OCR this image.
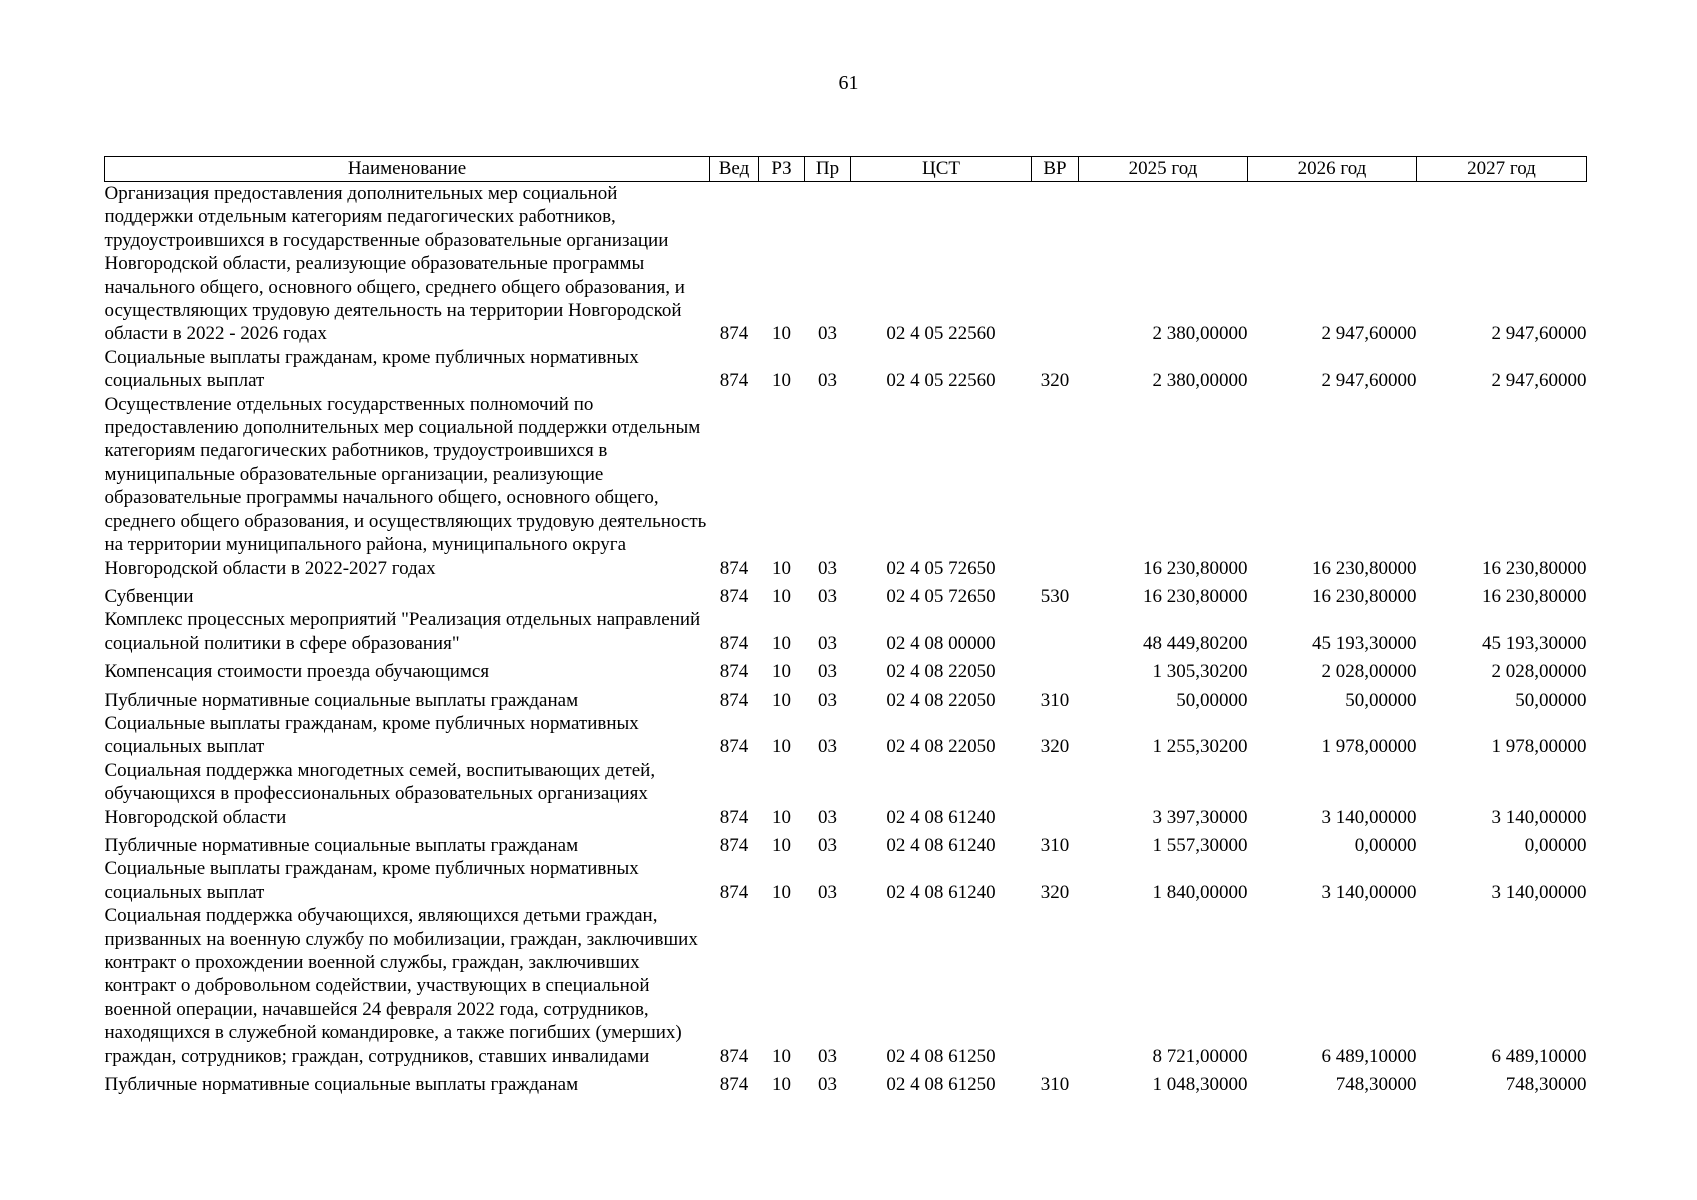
61
Наименование	Вед	РЗ	Пр	ЦСТ	ВР	2025 год	2026 год	2027 год
Организация предоставления дополнительных мер социальной поддержки отдельным категориям педагогических работников, трудоустроившихся в государственные образовательные организации Новгородской области, реализующие образовательные программы начального общего, основного общего, среднего общего образования, и осуществляющих трудовую деятельность на территории Новгородской области в 2022 - 2026 годах	874	10	03	02 4 05 22560		2 380,00000	2 947,60000	2 947,60000
Социальные выплаты гражданам, кроме публичных нормативных социальных выплат	874	10	03	02 4 05 22560	320	2 380,00000	2 947,60000	2 947,60000
Осуществление отдельных государственных полномочий по предоставлению дополнительных мер социальной поддержки отдельным категориям педагогических работников, трудоустроившихся в муниципальные образовательные организации, реализующие образовательные программы начального общего, основного общего, среднего общего образования, и осуществляющих трудовую деятельность на территории муниципального района, муниципального округа Новгородской области в 2022-2027 годах	874	10	03	02 4 05 72650		16 230,80000	16 230,80000	16 230,80000
Субвенции	874	10	03	02 4 05 72650	530	16 230,80000	16 230,80000	16 230,80000
Комплекс процессных мероприятий "Реализация отдельных направлений социальной политики в сфере образования"	874	10	03	02 4 08 00000		48 449,80200	45 193,30000	45 193,30000
Компенсация стоимости проезда обучающимся	874	10	03	02 4 08 22050		1 305,30200	2 028,00000	2 028,00000
Публичные нормативные социальные выплаты гражданам	874	10	03	02 4 08 22050	310	50,00000	50,00000	50,00000
Социальные выплаты гражданам, кроме публичных нормативных социальных выплат	874	10	03	02 4 08 22050	320	1 255,30200	1 978,00000	1 978,00000
Социальная поддержка многодетных семей, воспитывающих детей, обучающихся в профессиональных образовательных организациях Новгородской области	874	10	03	02 4 08 61240		3 397,30000	3 140,00000	3 140,00000
Публичные нормативные социальные выплаты гражданам	874	10	03	02 4 08 61240	310	1 557,30000	0,00000	0,00000
Социальные выплаты гражданам, кроме публичных нормативных социальных выплат	874	10	03	02 4 08 61240	320	1 840,00000	3 140,00000	3 140,00000
Социальная поддержка обучающихся, являющихся детьми граждан, призванных на военную службу по мобилизации, граждан, заключивших контракт о прохождении военной службы, граждан, заключивших контракт о добровольном содействии, участвующих в специальной военной операции, начавшейся 24 февраля 2022 года, сотрудников, находящихся в служебной командировке, а также погибших (умерших) граждан, сотрудников; граждан, сотрудников, ставших инвалидами	874	10	03	02 4 08 61250		8 721,00000	6 489,10000	6 489,10000
Публичные нормативные социальные выплаты гражданам	874	10	03	02 4 08 61250	310	1 048,30000	748,30000	748,30000
